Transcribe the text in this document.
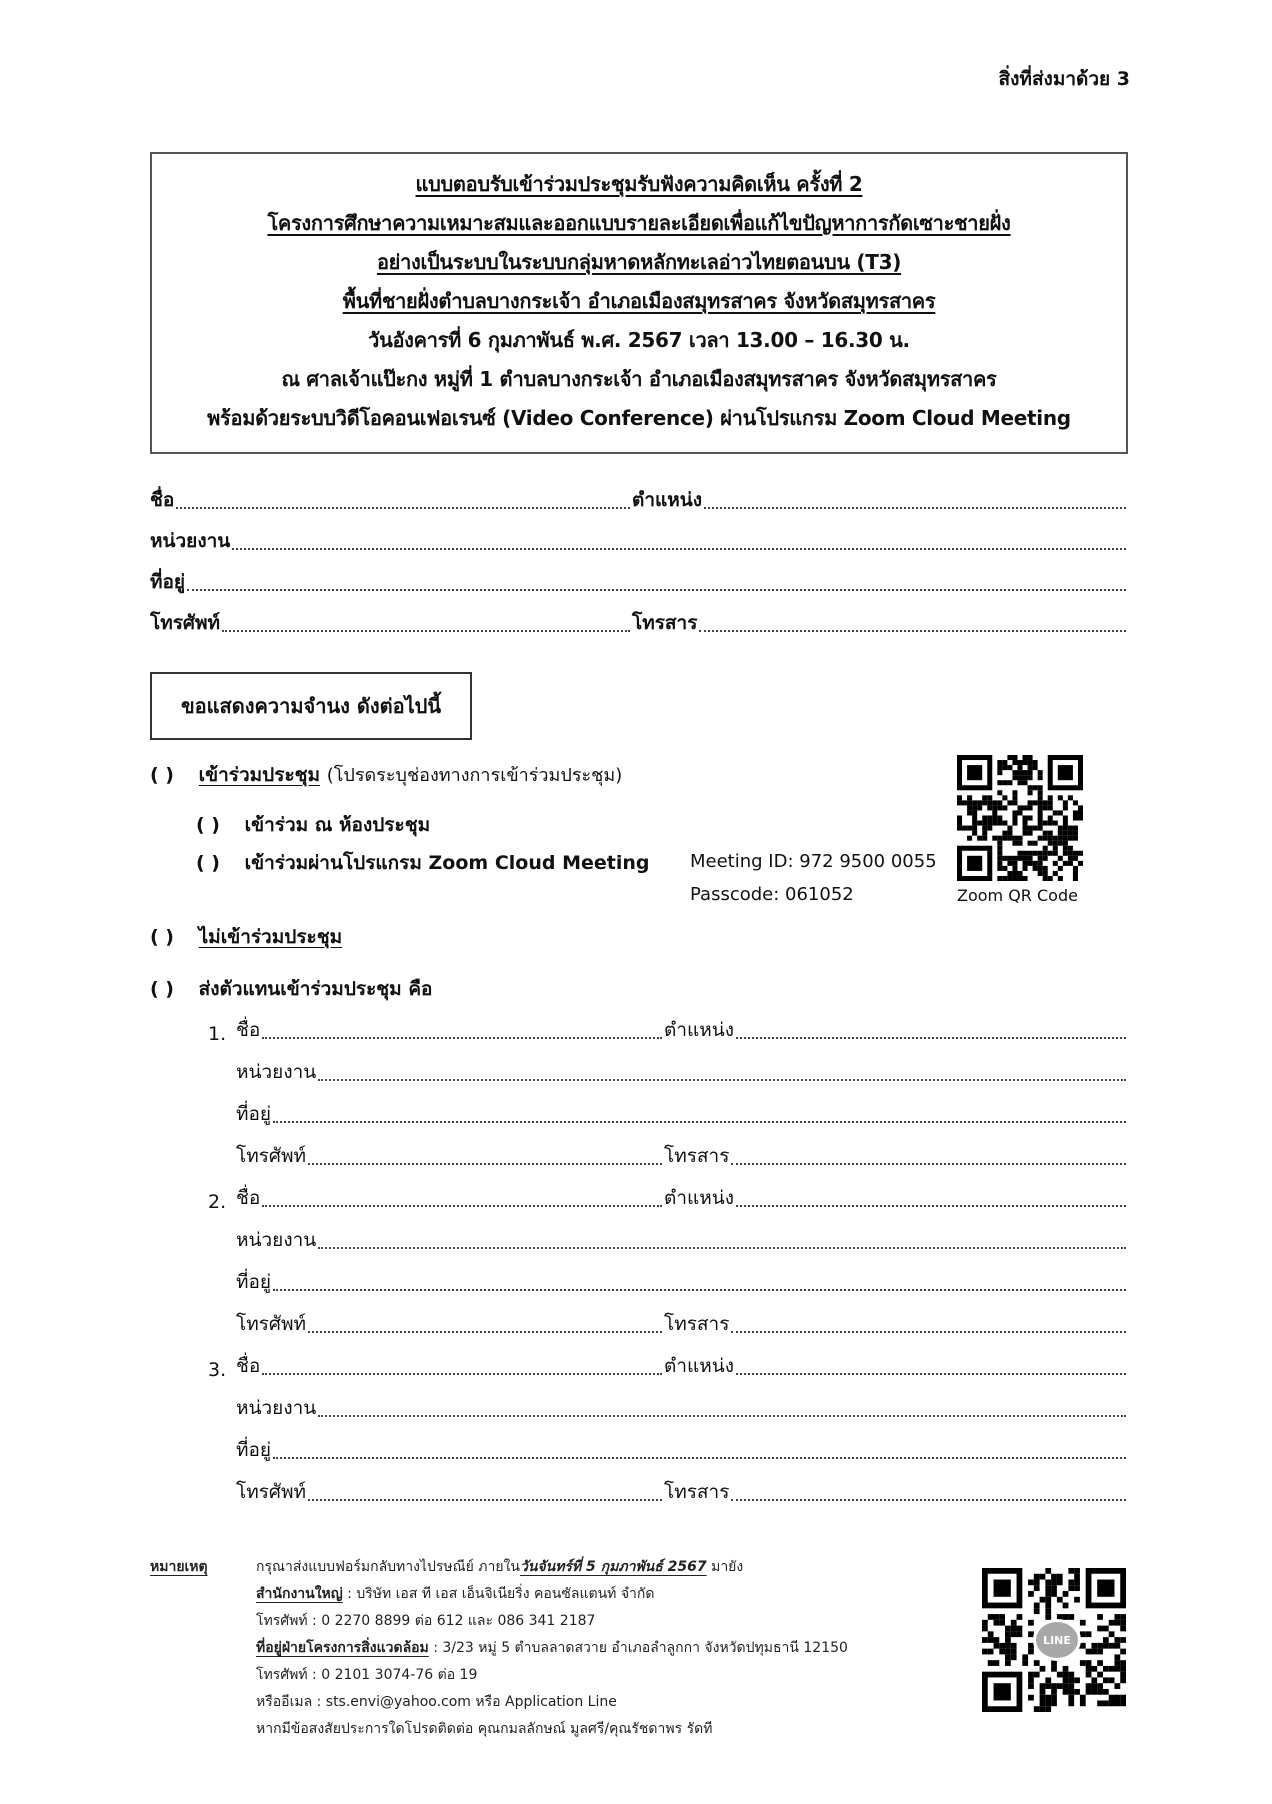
สิ่งที่ส่งมาด้วย 3
แบบตอบรับเข้าร่วมประชุมรับฟังความคิดเห็น ครั้งที่ 2
โครงการศึกษาความเหมาะสมและออกแบบรายละเอียดเพื่อแก้ไขปัญหาการกัดเซาะชายฝั่ง
อย่างเป็นระบบในระบบกลุ่มหาดหลักทะเลอ่าวไทยตอนบน (T3)
พื้นที่ชายฝั่งตำบลบางกระเจ้า อำเภอเมืองสมุทรสาคร จังหวัดสมุทรสาคร
วันอังคารที่ 6 กุมภาพันธ์ พ.ศ. 2567 เวลา 13.00 – 16.30 น.
ณ ศาลเจ้าแป๊ะกง หมู่ที่ 1 ตำบลบางกระเจ้า อำเภอเมืองสมุทรสาคร จังหวัดสมุทรสาคร
พร้อมด้วยระบบวิดีโอคอนเฟอเรนซ์ (Video Conference) ผ่านโปรแกรม Zoom Cloud Meeting
ชื่อ	ตำแหน่ง
หน่วยงาน
ที่อยู่
โทรศัพท์	โทรสาร
ขอแสดงความจำนง ดังต่อไปนี้
( ) เข้าร่วมประชุม (โปรดระบุช่องทางการเข้าร่วมประชุม)
( ) เข้าร่วม ณ ห้องประชุม
( ) เข้าร่วมผ่านโปรแกรม Zoom Cloud Meeting Meeting ID: 972 9500 0055
Passcode: 061052	Zoom QR Code
( ) ไม่เข้าร่วมประชุม
( ) ส่งตัวแทนเข้าร่วมประชุม คือ
1. ชื่อ	ตำแหน่ง
หน่วยงาน
ที่อยู่
โทรศัพท์	โทรสาร
2. ชื่อ	ตำแหน่ง
หน่วยงาน
ที่อยู่
โทรศัพท์	โทรสาร
3. ชื่อ	ตำแหน่ง
หน่วยงาน
ที่อยู่
โทรศัพท์	โทรสาร
หมายเหตุ	กรุณาส่งแบบฟอร์มกลับทางไปรษณีย์ ภายในวันจันทร์ที่ 5 กุมภาพันธ์ 2567 มายัง
สำนักงานใหญ่ : บริษัท เอส ที เอส เอ็นจิเนียริ่ง คอนซัลแตนท์ จำกัด
โทรศัพท์ : 0 2270 8899 ต่อ 612 และ 086 341 2187
ที่อยู่ฝ่ายโครงการสิ่งแวดล้อม : 3/23 หมู่ 5 ตำบลลาดสวาย อำเภอลำลูกกา จังหวัดปทุมธานี 12150
โทรศัพท์ : 0 2101 3074-76 ต่อ 19
หรืออีเมล : sts.envi@yahoo.com หรือ Application Line
หากมีข้อสงสัยประการใดโปรดติดต่อ คุณกมลลักษณ์ มูลศรี/คุณรัชดาพร รัดที
LINE
